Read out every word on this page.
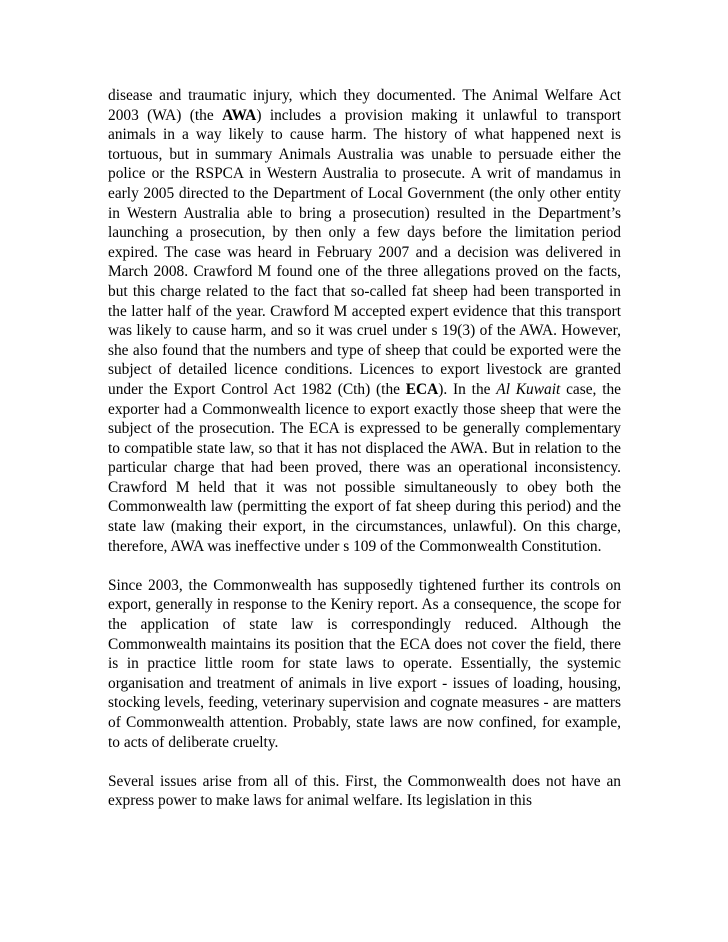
disease and traumatic injury, which they documented. The Animal Welfare Act 2003 (WA) (the AWA) includes a provision making it unlawful to transport animals in a way likely to cause harm. The history of what happened next is tortuous, but in summary Animals Australia was unable to persuade either the police or the RSPCA in Western Australia to prosecute. A writ of mandamus in early 2005 directed to the Department of Local Government (the only other entity in Western Australia able to bring a prosecution) resulted in the Department’s launching a prosecution, by then only a few days before the limitation period expired. The case was heard in February 2007 and a decision was delivered in March 2008. Crawford M found one of the three allegations proved on the facts, but this charge related to the fact that so-called fat sheep had been transported in the latter half of the year. Crawford M accepted expert evidence that this transport was likely to cause harm, and so it was cruel under s 19(3) of the AWA. However, she also found that the numbers and type of sheep that could be exported were the subject of detailed licence conditions. Licences to export livestock are granted under the Export Control Act 1982 (Cth) (the ECA). In the Al Kuwait case, the exporter had a Commonwealth licence to export exactly those sheep that were the subject of the prosecution. The ECA is expressed to be generally complementary to compatible state law, so that it has not displaced the AWA. But in relation to the particular charge that had been proved, there was an operational inconsistency. Crawford M held that it was not possible simultaneously to obey both the Commonwealth law (permitting the export of fat sheep during this period) and the state law (making their export, in the circumstances, unlawful). On this charge, therefore, AWA was ineffective under s 109 of the Commonwealth Constitution.

Since 2003, the Commonwealth has supposedly tightened further its controls on export, generally in response to the Keniry report. As a consequence, the scope for the application of state law is correspondingly reduced. Although the Commonwealth maintains its position that the ECA does not cover the field, there is in practice little room for state laws to operate. Essentially, the systemic organisation and treatment of animals in live export - issues of loading, housing, stocking levels, feeding, veterinary supervision and cognate measures - are matters of Commonwealth attention. Probably, state laws are now confined, for example, to acts of deliberate cruelty.

Several issues arise from all of this. First, the Commonwealth does not have an express power to make laws for animal welfare. Its legislation in this
